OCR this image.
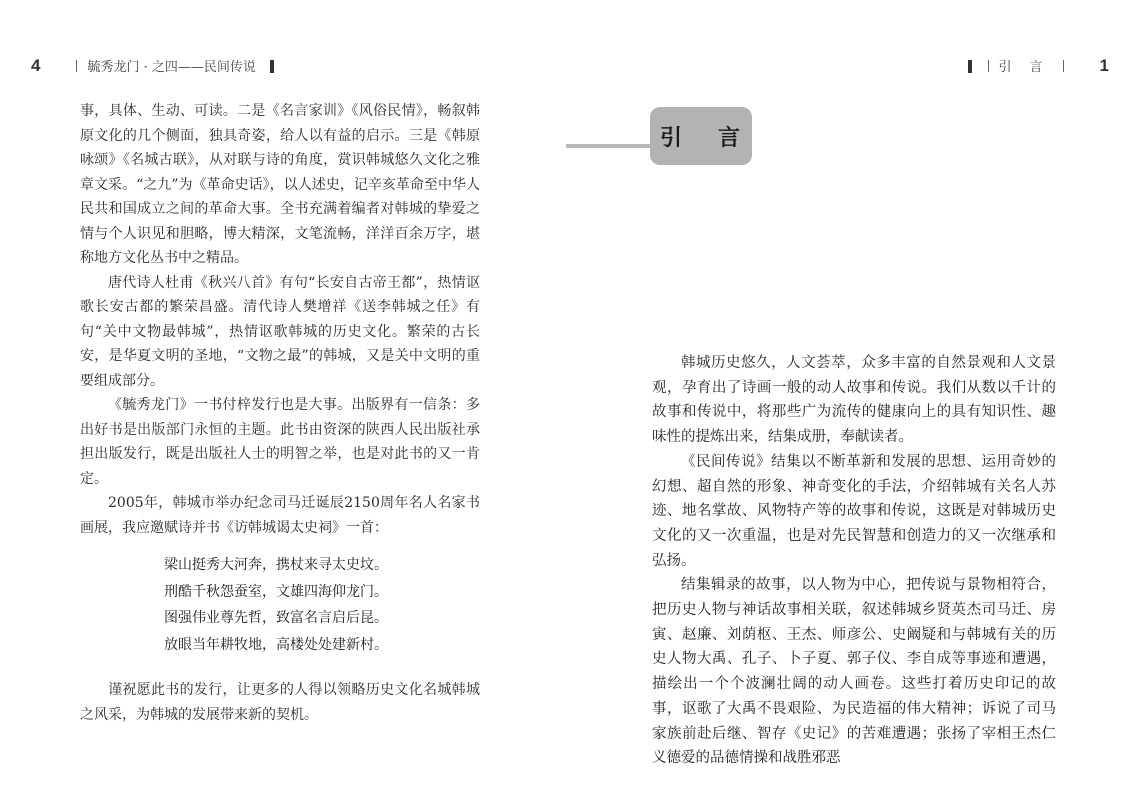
4	毓秀龙门 · 之四——民间传说

事，具体、生动、可读。二是《名言家训》《风俗民情》，畅叙韩原文化的几个侧面，独具奇姿，给人以有益的启示。三是《韩原咏颂》《名城古联》，从对联与诗的角度，赏识韩城悠久文化之雅章文采。“之九”为《革命史话》，以人述史，记辛亥革命至中华人民共和国成立之间的革命大事。全书充满着编者对韩城的挚爱之情与个人识见和胆略，博大精深，文笔流畅，洋洋百余万字，堪称地方文化丛书中之精品。

唐代诗人杜甫《秋兴八首》有句“长安自古帝王都”，热情讴歌长安古都的繁荣昌盛。清代诗人樊增祥《送李韩城之任》有句“关中文物最韩城”，热情讴歌韩城的历史文化。繁荣的古长安，是华夏文明的圣地，“文物之最”的韩城，又是关中文明的重要组成部分。

《毓秀龙门》一书付梓发行也是大事。出版界有一信条：多出好书是出版部门永恒的主题。此书由资深的陕西人民出版社承担出版发行，既是出版社人士的明智之举，也是对此书的又一肯定。

2005年，韩城市举办纪念司马迁诞辰2150周年名人名家书画展，我应邀赋诗并书《访韩城谒太史祠》一首：

梁山挺秀大河奔，携杖来寻太史坟。
刑酷千秋怨蚕室，文雄四海仰龙门。
图强伟业尊先哲，致富名言启后昆。
放眼当年耕牧地，高楼处处建新村。

谨祝愿此书的发行，让更多的人得以领略历史文化名城韩城之风采，为韩城的发展带来新的契机。

引言 1
引 言

韩城历史悠久，人文荟萃，众多丰富的自然景观和人文景观，孕育出了诗画一般的动人故事和传说。我们从数以千计的故事和传说中，将那些广为流传的健康向上的具有知识性、趣味性的提炼出来，结集成册，奉献读者。

《民间传说》结集以不断革新和发展的思想、运用奇妙的幻想、超自然的形象、神奇变化的手法，介绍韩城有关名人苏迹、地名掌故、风物特产等的故事和传说，这既是对韩城历史文化的又一次重温，也是对先民智慧和创造力的又一次继承和弘扬。

结集辑录的故事，以人物为中心，把传说与景物相符合，把历史人物与神话故事相关联，叙述韩城乡贤英杰司马迁、房寅、赵廉、刘荫枢、王杰、师彦公、史阚疑和与韩城有关的历史人物大禹、孔子、卜子夏、郭子仪、李自成等事迹和遭遇，描绘出一个个波澜壮阔的动人画卷。这些打着历史印记的故事，讴歌了大禹不畏艰险、为民造福的伟大精神；诉说了司马家族前赴后继、智存《史记》的苦难遭遇；张扬了宰相王杰仁义德爱的品德情操和战胜邪恶
